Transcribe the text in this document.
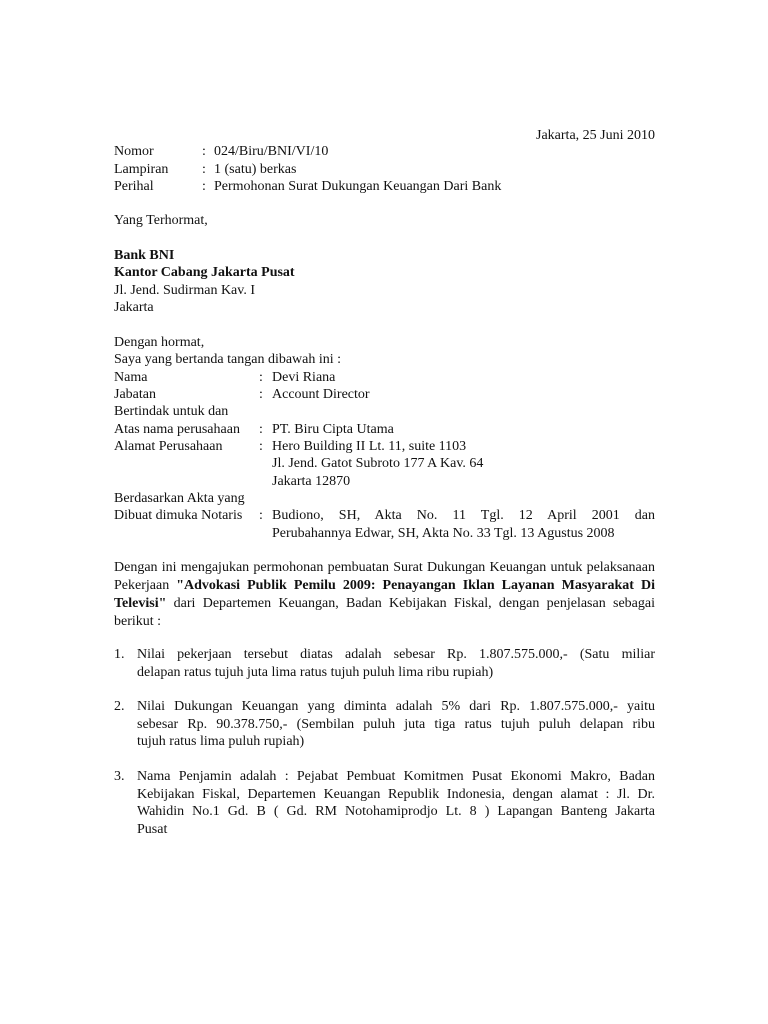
Jakarta, 25 Juni 2010
Nomor	: 024/Biru/BNI/VI/10
Lampiran : 1 (satu) berkas
Perihal	: Permohonan Surat Dukungan Keuangan Dari Bank
Yang Terhormat,
Bank BNI
Kantor Cabang Jakarta Pusat
Jl. Jend. Sudirman Kav. I
Jakarta
Dengan hormat,
Saya yang bertanda tangan dibawah ini :
Nama	: Devi Riana
Jabatan	: Account Director
Bertindak untuk dan
Atas nama perusahaan : PT. Biru Cipta Utama
Alamat Perusahaan	: Hero Building II Lt. 11, suite 1103
Jl. Jend. Gatot Subroto 177 A Kav. 64
Jakarta 12870
Berdasarkan Akta yang
Dibuat dimuka Notaris : Budiono, SH, Akta No. 11 Tgl. 12 April 2001 dan
Perubahannya Edwar, SH, Akta No. 33 Tgl. 13 Agustus 2008
Dengan ini mengajukan permohonan pembuatan Surat Dukungan Keuangan untuk pelaksanaan Pekerjaan "Advokasi Publik Pemilu 2009: Penayangan Iklan Layanan Masyarakat Di Televisi" dari Departemen Keuangan, Badan Kebijakan Fiskal, dengan penjelasan sebagai berikut :
1. Nilai pekerjaan tersebut diatas adalah sebesar Rp. 1.807.575.000,- (Satu miliar
delapan ratus tujuh juta lima ratus tujuh puluh lima ribu rupiah)
2. Nilai Dukungan Keuangan yang diminta adalah 5% dari Rp. 1.807.575.000,- yaitu
sebesar Rp. 90.378.750,- (Sembilan puluh juta tiga ratus tujuh puluh delapan ribu
tujuh ratus lima puluh rupiah)
3. Nama Penjamin adalah : Pejabat Pembuat Komitmen Pusat Ekonomi Makro, Badan
Kebijakan Fiskal, Departemen Keuangan Republik Indonesia, dengan alamat : Jl. Dr.
Wahidin No.1 Gd. B ( Gd. RM Notohamiprodjo Lt. 8 ) Lapangan Banteng Jakarta
Pusat
